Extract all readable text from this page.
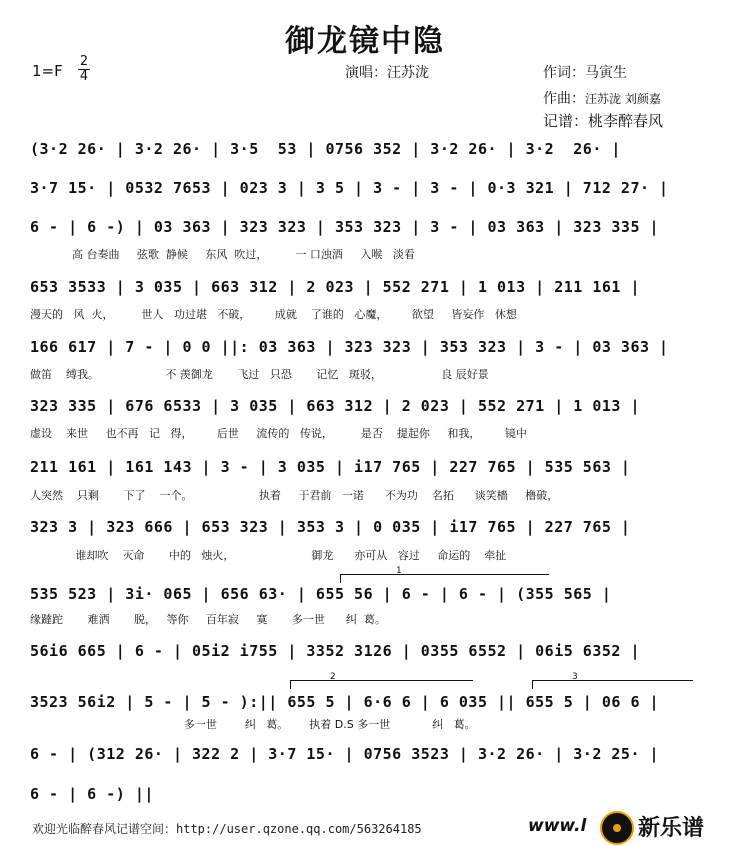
御龙镜中隐
1=F
2
4	演唱：汪苏泷	作词：马寅生
作曲：汪苏泷 刘颜嘉
记谱：桃李醉春风
(3·2 26· | 3·2 26· | 3·5  53 | 0756 352 | 3·2 26· | 3·2  26· |
3·7 15· | 0532 7653 | 023 3 | 3 5 | 3 - | 3 - | 0·3 321 | 712 27· |
6 - | 6 -) | 03 363 | 323 323 | 353 323 | 3 - | 03 363 | 323 335 |
高 台奏曲     弦歌  静候     东风  吹过，        一 口浊酒     入喉   淡看
653 3533 | 3 035 | 663 312 | 2 023 | 552 271 | 1 013 | 211 161 |
漫天的   风  火，        世人   功过堪   不破，       成就    了谁的   心魔，       欲望     皆妄作   休想
166 617 | 7 - | 0 0 ||: 03 363 | 323 323 | 353 323 | 3 - | 03 363 |
做笛    缚我。                   不 羡御龙       飞过   只恐       记忆   斑驳，                 良 辰好景
323 335 | 676 6533 | 3 035 | 663 312 | 2 023 | 552 271 | 1 013 |
虚设    来世     也不再   记   得，       后世     流传的   传说，        是否    提起你     和我，       镜中
211 161 | 161 143 | 3 - | 3 035 | i17 765 | 227 765 | 535 563 |
人突然    只剩       下了    一个。                   执着     于君前   一诺      不为功    名拓      谈笑檣     橹破，
323 3 | 323 666 | 653 323 | 353 3 | 0 035 | i17 765 | 227 765 |
谁却吹    灭命       中的   烛火，                      御龙      亦可从   容过     命运的    牵扯
1
535 523 | 3i· 065 | 656 63· | 655 56 | 6 - | 6 - | (355 565 |
缘躂跎       难洒       脱，   等你     百年寂     寞       多一世      纠  葛。
56i6 665 | 6 - | 05i2 i755 | 3352 3126 | 0355 6552 | 06i5 6352 |
2	3
3523 56i2 | 5 - | 5 - ):|| 655 5 | 6·6 6 | 6 035 || 655 5 | 06 6 |
多一世        纠   葛。      执着 D.S 多一世            纠   葛。
6 - | (312 26· | 322 2 | 3·7 15· | 0756 3523 | 3·2 26· | 3·2 25· |
6 - | 6 -) ||
欢迎光临醉春风记谱空间：http://user.qzone.qq.com/563264185	www.l 新乐谱
